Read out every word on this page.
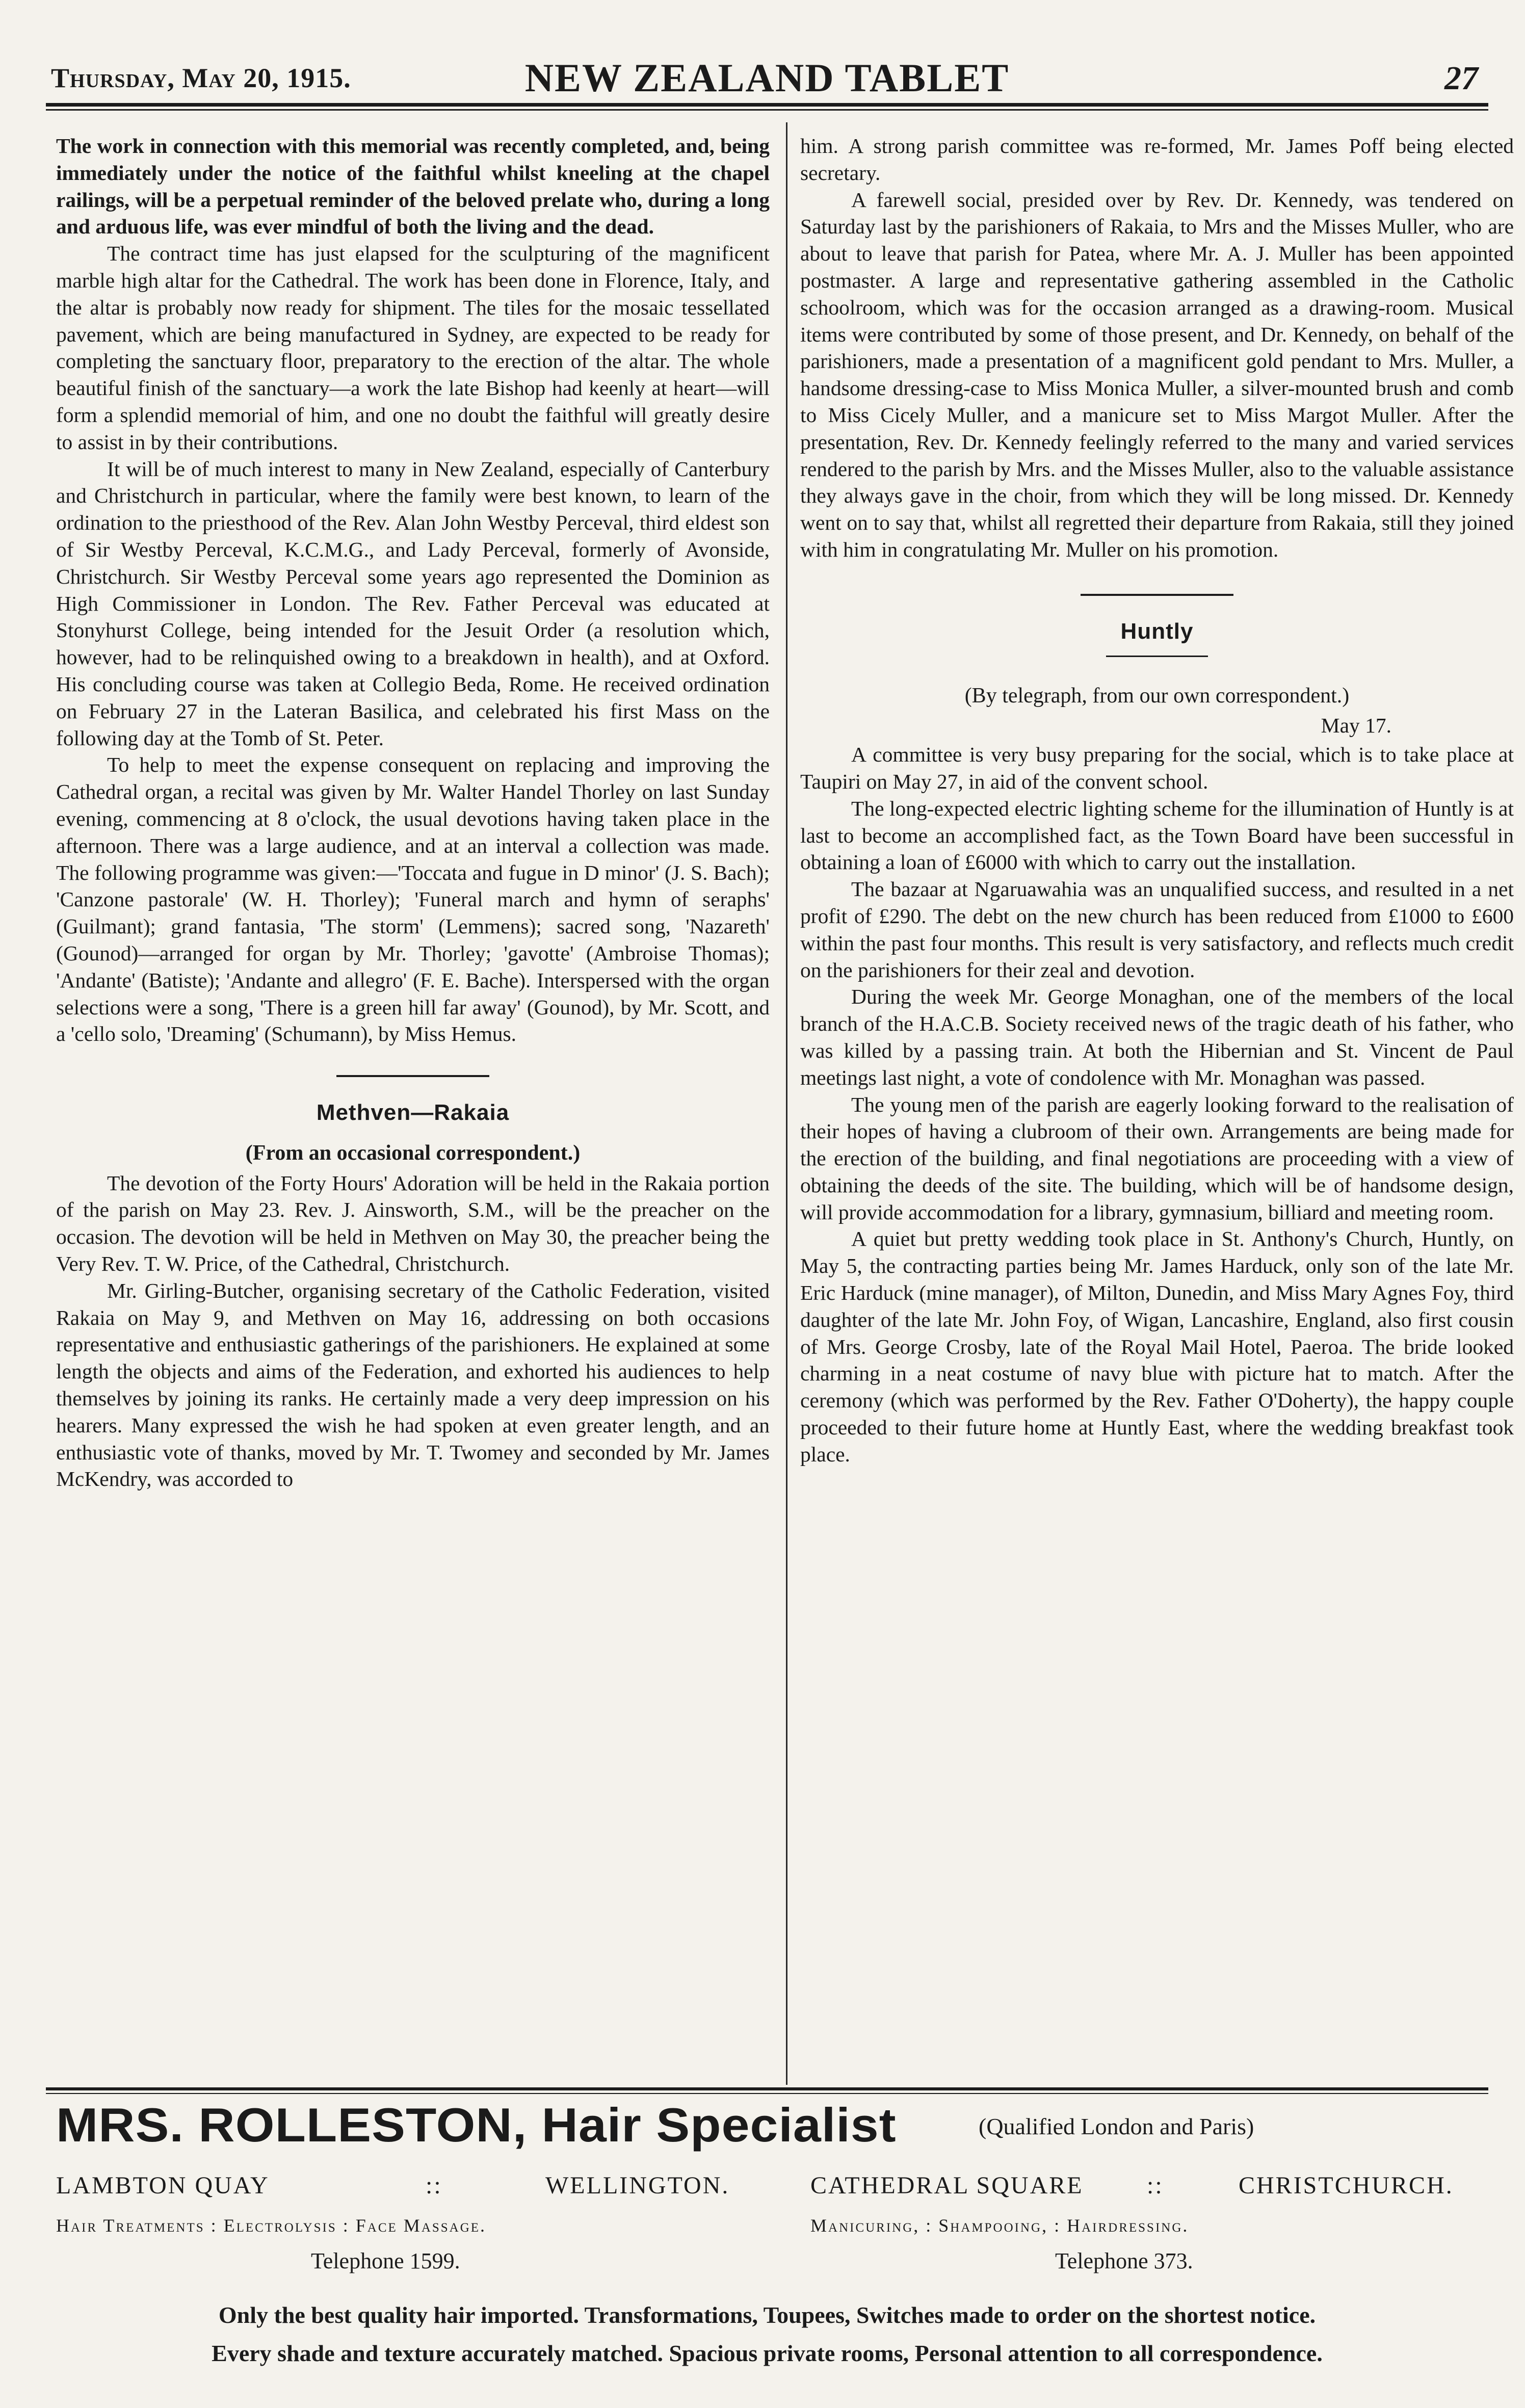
Thursday, May 20, 1915.	NEW ZEALAND TABLET	27

The work in connection with this memorial was recently completed, and, being immediately under the notice of the faithful whilst kneeling at the chapel railings, will be a perpetual reminder of the beloved prelate who, during a long and arduous life, was ever mindful of both the living and the dead.

The contract time has just elapsed for the sculpturing of the magnificent marble high altar for the Cathedral. The work has been done in Florence, Italy, and the altar is probably now ready for shipment. The tiles for the mosaic tessellated pavement, which are being manufactured in Sydney, are expected to be ready for completing the sanctuary floor, preparatory to the erection of the altar. The whole beautiful finish of the sanctuary—a work the late Bishop had keenly at heart—will form a splendid memorial of him, and one no doubt the faithful will greatly desire to assist in by their contributions.

It will be of much interest to many in New Zealand, especially of Canterbury and Christchurch in particular, where the family were best known, to learn of the ordination to the priesthood of the Rev. Alan John Westby Perceval, third eldest son of Sir Westby Perceval, K.C.M.G., and Lady Perceval, formerly of Avonside, Christchurch. Sir Westby Perceval some years ago represented the Dominion as High Commissioner in London. The Rev. Father Perceval was educated at Stonyhurst College, being intended for the Jesuit Order (a resolution which, however, had to be relinquished owing to a breakdown in health), and at Oxford. His concluding course was taken at Collegio Beda, Rome. He received ordination on February 27 in the Lateran Basilica, and celebrated his first Mass on the following day at the Tomb of St. Peter.

To help to meet the expense consequent on replacing and improving the Cathedral organ, a recital was given by Mr. Walter Handel Thorley on last Sunday evening, commencing at 8 o'clock, the usual devotions having taken place in the afternoon. There was a large audience, and at an interval a collection was made. The following programme was given:—'Toccata and fugue in D minor' (J. S. Bach); 'Canzone pastorale' (W. H. Thorley); 'Funeral march and hymn of seraphs' (Guilmant); grand fantasia, 'The storm' (Lemmens); sacred song, 'Nazareth' (Gounod)—arranged for organ by Mr. Thorley; 'gavotte' (Ambroise Thomas); 'Andante' (Batiste); 'Andante and allegro' (F. E. Bache). Interspersed with the organ selections were a song, 'There is a green hill far away' (Gounod), by Mr. Scott, and a 'cello solo, 'Dreaming' (Schumann), by Miss Hemus.

Methven—Rakaia
(From an occasional correspondent.)

The devotion of the Forty Hours' Adoration will be held in the Rakaia portion of the parish on May 23. Rev. J. Ainsworth, S.M., will be the preacher on the occasion. The devotion will be held in Methven on May 30, the preacher being the Very Rev. T. W. Price, of the Cathedral, Christchurch.

Mr. Girling-Butcher, organising secretary of the Catholic Federation, visited Rakaia on May 9, and Methven on May 16, addressing on both occasions representative and enthusiastic gatherings of the parishioners. He explained at some length the objects and aims of the Federation, and exhorted his audiences to help themselves by joining its ranks. He certainly made a very deep impression on his hearers. Many expressed the wish he had spoken at even greater length, and an enthusiastic vote of thanks, moved by Mr. T. Twomey and seconded by Mr. James McKendry, was accorded to

him. A strong parish committee was re-formed, Mr. James Poff being elected secretary.

A farewell social, presided over by Rev. Dr. Kennedy, was tendered on Saturday last by the parishioners of Rakaia, to Mrs and the Misses Muller, who are about to leave that parish for Patea, where Mr. A. J. Muller has been appointed postmaster. A large and representative gathering assembled in the Catholic schoolroom, which was for the occasion arranged as a drawing-room. Musical items were contributed by some of those present, and Dr. Kennedy, on behalf of the parishioners, made a presentation of a magnificent gold pendant to Mrs. Muller, a handsome dressing-case to Miss Monica Muller, a silver-mounted brush and comb to Miss Cicely Muller, and a manicure set to Miss Margot Muller. After the presentation, Rev. Dr. Kennedy feelingly referred to the many and varied services rendered to the parish by Mrs. and the Misses Muller, also to the valuable assistance they always gave in the choir, from which they will be long missed. Dr. Kennedy went on to say that, whilst all regretted their departure from Rakaia, still they joined with him in congratulating Mr. Muller on his promotion.

Huntly
(By telegraph, from our own correspondent.)
May 17.

A committee is very busy preparing for the social, which is to take place at Taupiri on May 27, in aid of the convent school.

The long-expected electric lighting scheme for the illumination of Huntly is at last to become an accomplished fact, as the Town Board have been successful in obtaining a loan of £6000 with which to carry out the installation.

The bazaar at Ngaruawahia was an unqualified success, and resulted in a net profit of £290. The debt on the new church has been reduced from £1000 to £600 within the past four months. This result is very satisfactory, and reflects much credit on the parishioners for their zeal and devotion.

During the week Mr. George Monaghan, one of the members of the local branch of the H.A.C.B. Society received news of the tragic death of his father, who was killed by a passing train. At both the Hibernian and St. Vincent de Paul meetings last night, a vote of condolence with Mr. Monaghan was passed.

The young men of the parish are eagerly looking forward to the realisation of their hopes of having a clubroom of their own. Arrangements are being made for the erection of the building, and final negotiations are proceeding with a view of obtaining the deeds of the site. The building, which will be of handsome design, will provide accommodation for a library, gymnasium, billiard and meeting room.

A quiet but pretty wedding took place in St. Anthony's Church, Huntly, on May 5, the contracting parties being Mr. James Harduck, only son of the late Mr. Eric Harduck (mine manager), of Milton, Dunedin, and Miss Mary Agnes Foy, third daughter of the late Mr. John Foy, of Wigan, Lancashire, England, also first cousin of Mrs. George Crosby, late of the Royal Mail Hotel, Paeroa. The bride looked charming in a neat costume of navy blue with picture hat to match. After the ceremony (which was performed by the Rev. Father O'Doherty), the happy couple proceeded to their future home at Huntly East, where the wedding breakfast took place.

MRS. ROLLESTON, Hair Specialist	(Qualified London and Paris)
LAMBTON QUAY	::	WELLINGTON.
Hair Treatments : Electrolysis : Face Massage.
Telephone 1599.
CATHEDRAL SQUARE	::	CHRISTCHURCH.
Manicuring, : Shampooing, : Hairdressing.
Telephone 373.
Only the best quality hair imported. Transformations, Toupees, Switches made to order on the shortest notice.
Every shade and texture accurately matched. Spacious private rooms, Personal attention to all correspondence.
